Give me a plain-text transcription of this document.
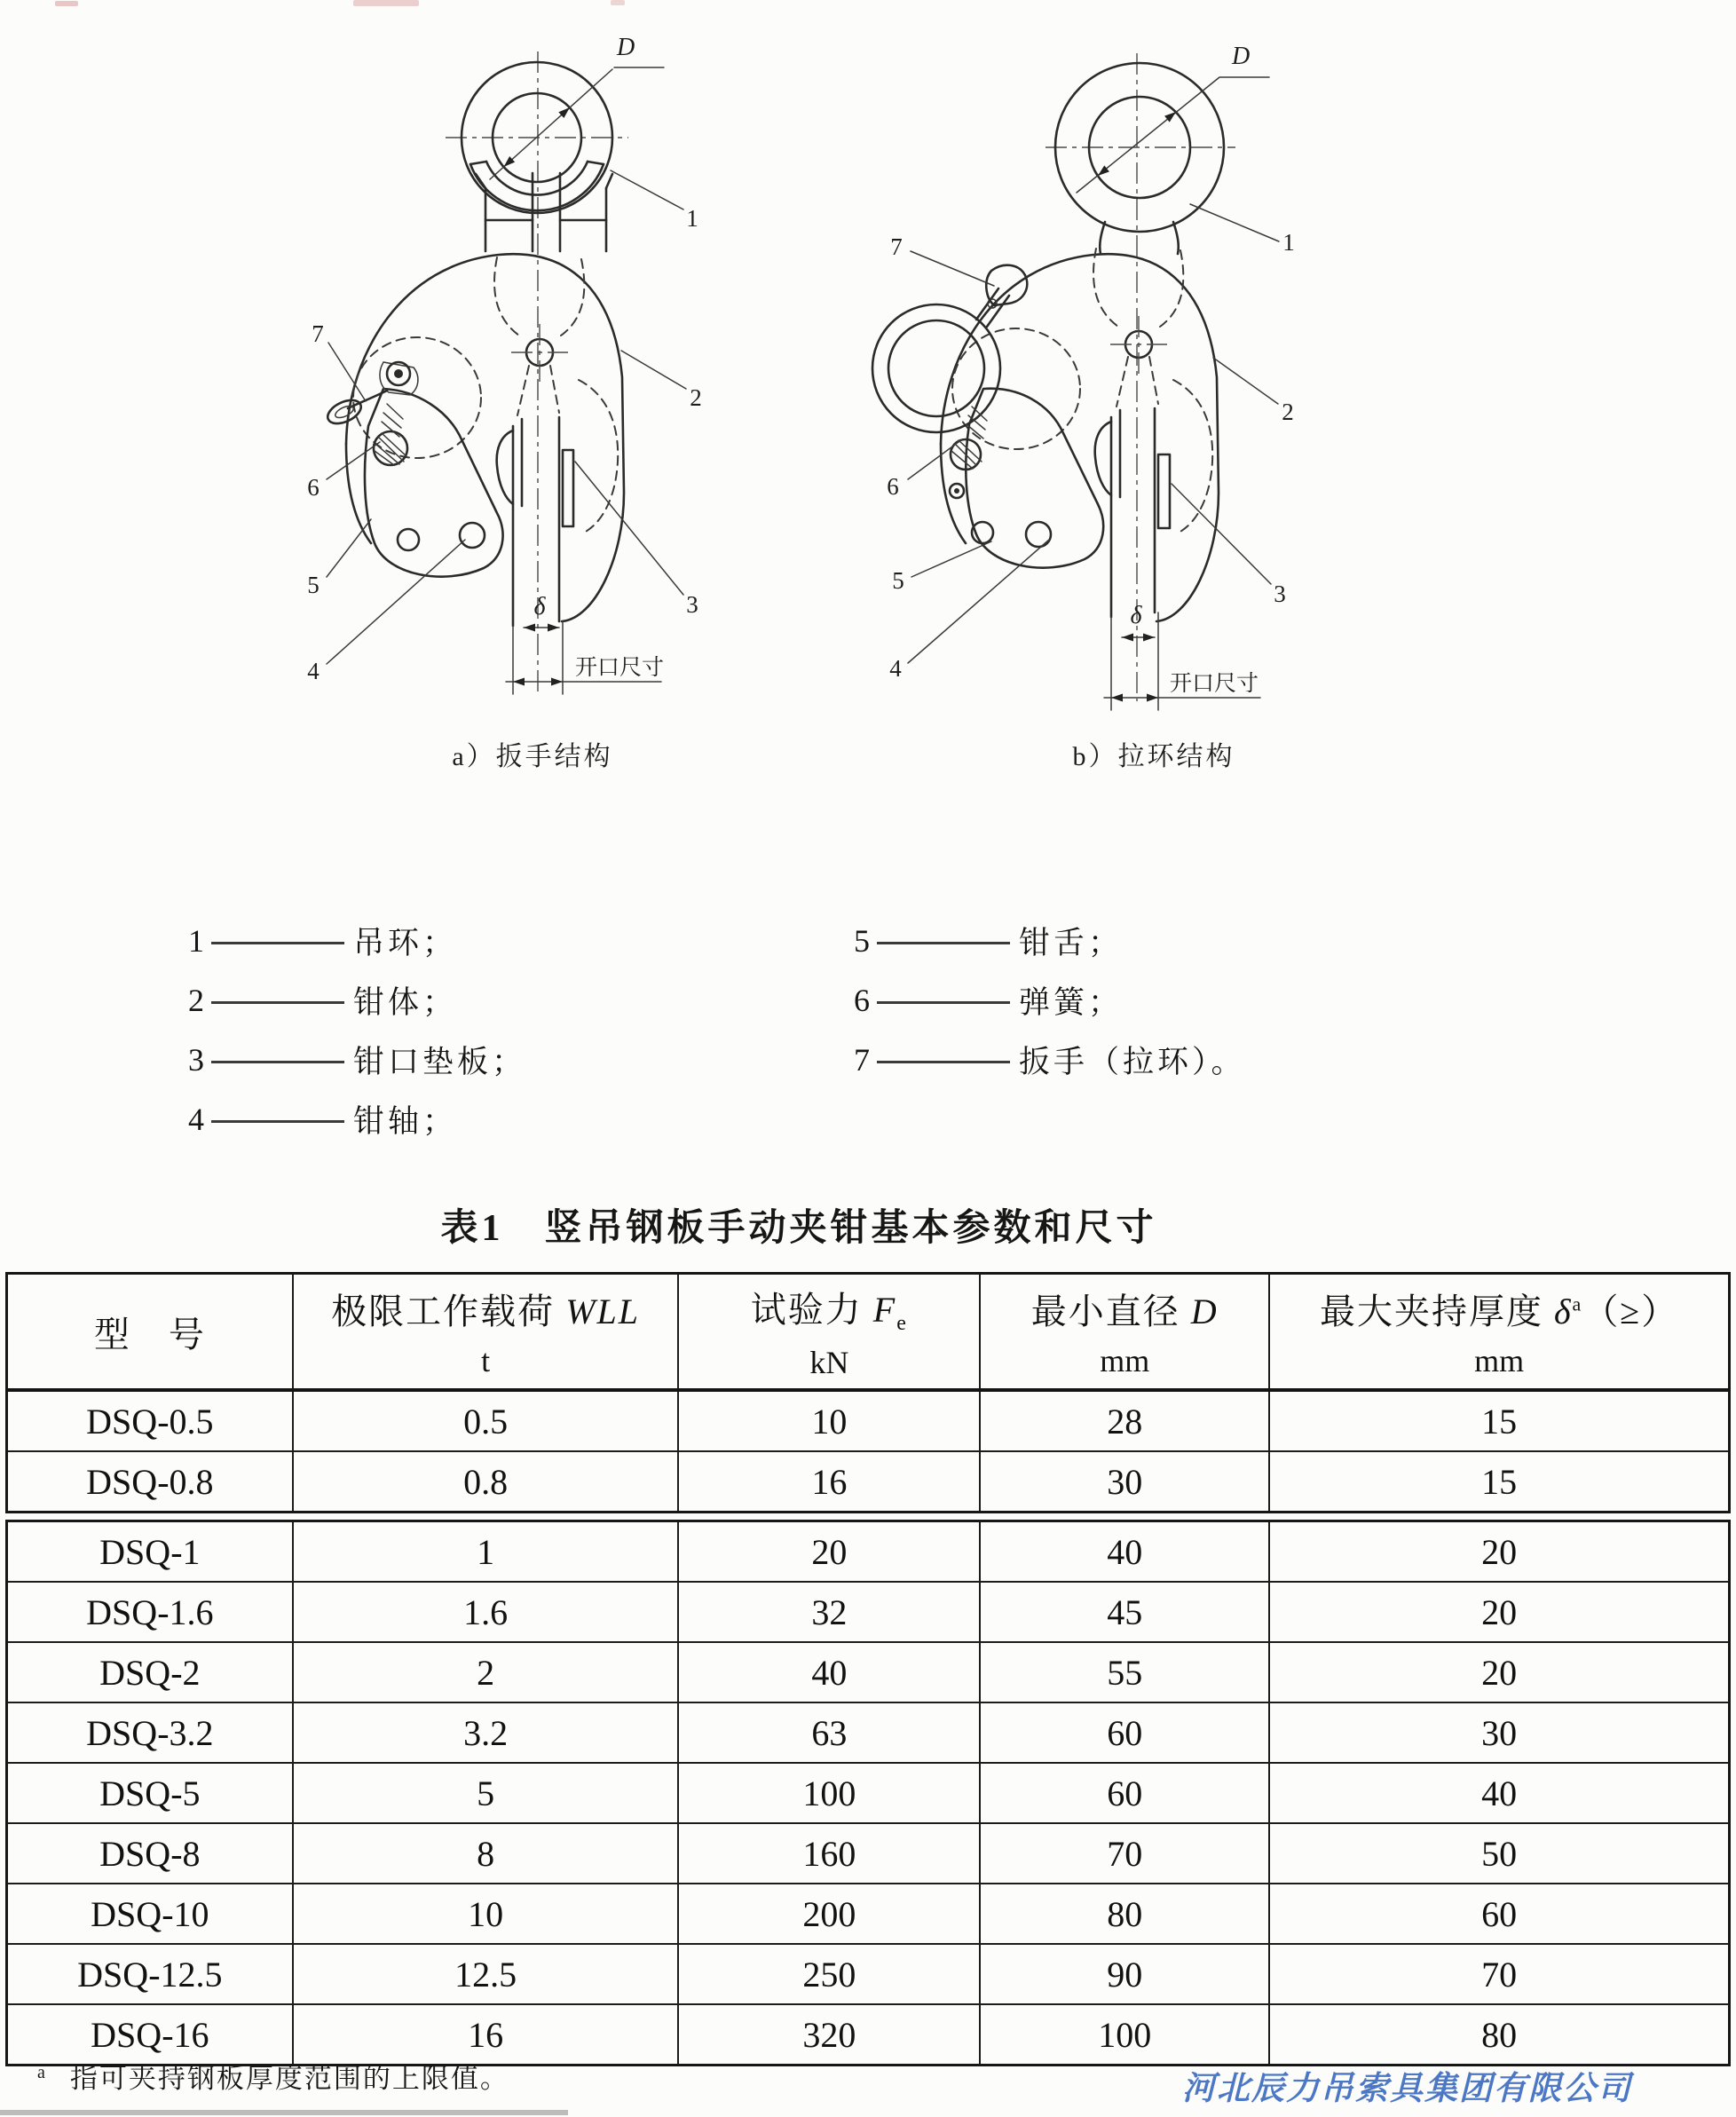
D
δ
开口尺寸
7
6
5
4
3
2
1
a）扳手结构
D
δ
开口尺寸
7	1
2
3
6
5
4
b）拉环结构
1	吊环；
2	钳体；
3	钳口垫板；
4	钳轴；
5	钳舌；
6	弹簧；
7	扳手（拉环）。
表1　竖吊钢板手动夹钳基本参数和尺寸
型　号	
极限工作载荷 WLL
t

试验力 $F_e$
kN

最小直径 D
mm

最大夹持厚度 $\delta^a(\ge)$
mm

DSQ-0.5	0.5	10	28	15
DSQ-0.8	0.8	16	30	15
DSQ-1	1	20	40	20
DSQ-1.6	1.6	32	45	20
DSQ-2	2	40	55	20
DSQ-3.2	3.2	63	60	30
DSQ-5	5	100	60	40
DSQ-8	8	160	70	50
DSQ-10	10	200	80	60
DSQ-12.5	12.5	250	90	70
DSQ-16	16	320	100	80
$^a$ 指可夹持钢板厚度范围的上限值。	河北辰力吊索具集团有限公司
